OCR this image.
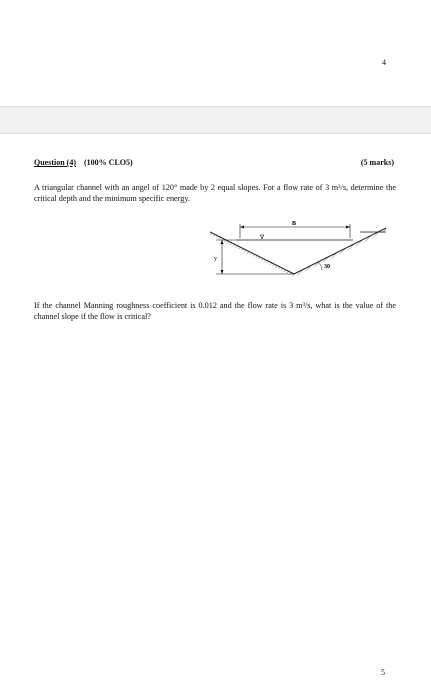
4
Question (4) (100% CLO5)	(5 marks)
A triangular channel with an angel of 120° made by 2 equal slopes. For a flow rate of 3 m³/s, determine the critical depth and the minimum specific energy.
B
y
∇
30
If the channel Manning roughness coefficient is 0.012 and the flow rate is 3 m³/s, what is the value of the channel slope if the flow is critical?
5
